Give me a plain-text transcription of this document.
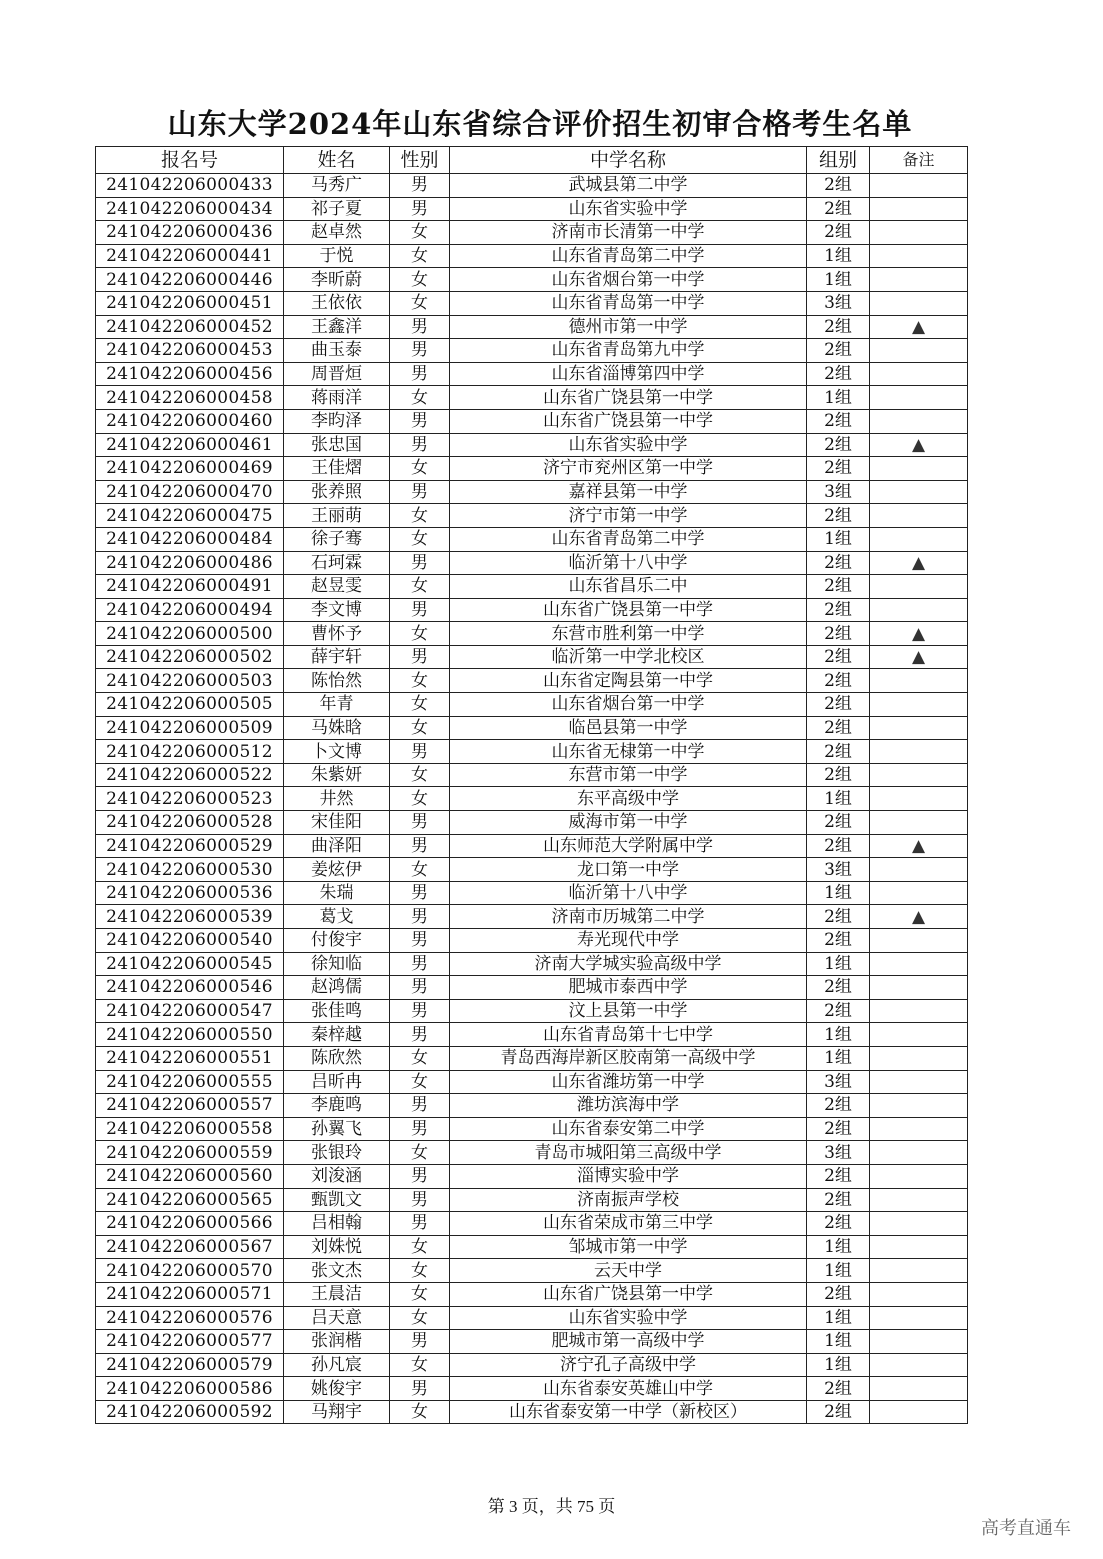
山东大学2024年山东省综合评价招生初审合格考生名单
报名号	姓名	性别	中学名称	组别	备注
241042206000433	马秀广	男	武城县第二中学	2组	
241042206000434	祁子夏	男	山东省实验中学	2组	
241042206000436	赵卓然	女	济南市长清第一中学	2组	
241042206000441	于悦	女	山东省青岛第二中学	1组	
241042206000446	李昕蔚	女	山东省烟台第一中学	1组	
241042206000451	王依依	女	山东省青岛第一中学	3组	
241042206000452	王鑫洋	男	德州市第一中学	2组	▲
241042206000453	曲玉泰	男	山东省青岛第九中学	2组	
241042206000456	周晋烜	男	山东省淄博第四中学	2组	
241042206000458	蒋雨洋	女	山东省广饶县第一中学	1组	
241042206000460	李昀泽	男	山东省广饶县第一中学	2组	
241042206000461	张忠国	男	山东省实验中学	2组	▲
241042206000469	王佳熠	女	济宁市兖州区第一中学	2组	
241042206000470	张养照	男	嘉祥县第一中学	3组	
241042206000475	王丽萌	女	济宁市第一中学	2组	
241042206000484	徐子骞	女	山东省青岛第二中学	1组	
241042206000486	石珂霖	男	临沂第十八中学	2组	▲
241042206000491	赵昱雯	女	山东省昌乐二中	2组	
241042206000494	李文博	男	山东省广饶县第一中学	2组	
241042206000500	曹怀予	女	东营市胜利第一中学	2组	▲
241042206000502	薛宇轩	男	临沂第一中学北校区	2组	▲
241042206000503	陈怡然	女	山东省定陶县第一中学	2组	
241042206000505	年青	女	山东省烟台第一中学	2组	
241042206000509	马姝晗	女	临邑县第一中学	2组	
241042206000512	卜文博	男	山东省无棣第一中学	2组	
241042206000522	朱紫妍	女	东营市第一中学	2组	
241042206000523	井然	女	东平高级中学	1组	
241042206000528	宋佳阳	男	威海市第一中学	2组	
241042206000529	曲泽阳	男	山东师范大学附属中学	2组	▲
241042206000530	姜炫伊	女	龙口第一中学	3组	
241042206000536	朱瑞	男	临沂第十八中学	1组	
241042206000539	葛戈	男	济南市历城第二中学	2组	▲
241042206000540	付俊宇	男	寿光现代中学	2组	
241042206000545	徐知临	男	济南大学城实验高级中学	1组	
241042206000546	赵鸿儒	男	肥城市泰西中学	2组	
241042206000547	张佳鸣	男	汶上县第一中学	2组	
241042206000550	秦梓越	男	山东省青岛第十七中学	1组	
241042206000551	陈欣然	女	青岛西海岸新区胶南第一高级中学	1组	
241042206000555	吕昕冉	女	山东省潍坊第一中学	3组	
241042206000557	李鹿鸣	男	潍坊滨海中学	2组	
241042206000558	孙翼飞	男	山东省泰安第二中学	2组	
241042206000559	张银玲	女	青岛市城阳第三高级中学	3组	
241042206000560	刘浚涵	男	淄博实验中学	2组	
241042206000565	甄凯文	男	济南振声学校	2组	
241042206000566	吕相翰	男	山东省荣成市第三中学	2组	
241042206000567	刘姝悦	女	邹城市第一中学	1组	
241042206000570	张文杰	女	云天中学	1组	
241042206000571	王晨洁	女	山东省广饶县第一中学	2组	
241042206000576	吕天意	女	山东省实验中学	1组	
241042206000577	张润楷	男	肥城市第一高级中学	1组	
241042206000579	孙凡宸	女	济宁孔子高级中学	1组	
241042206000586	姚俊宇	男	山东省泰安英雄山中学	2组	
241042206000592	马翔宇	女	山东省泰安第一中学（新校区）	2组	
第 3 页，共 75 页
高考直通车
